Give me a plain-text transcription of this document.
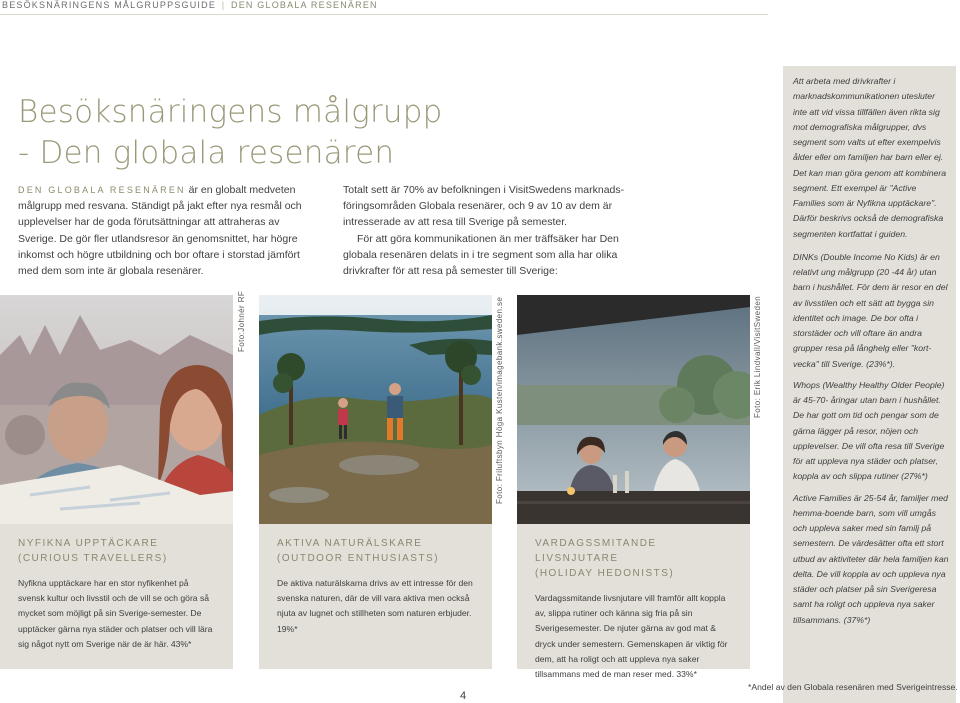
BESÖKSNÄRINGENS MÅLGRUPPSGUIDE | DEN GLOBALA RESENÄREN
Besöksnäringens målgrupp
- Den globala resenären
DEN GLOBALA RESENÄREN är en globalt medveten målgrupp med resvana. Ständigt på jakt efter nya resmål och upplevelser har de goda förutsättningar att attraheras av Sverige. De gör fler utlandsresor än genomsnittet, har högre inkomst och högre utbildning och bor oftare i storstad jämfört med dem som inte är globala resenärer.

Totalt sett är 70% av befolkningen i VisitSwedens marknadsföringsområden Globala resenärer, och 9 av 10 av dem är intresserade av att resa till Sverige på semester.

För att göra kommunikationen än mer träffsäker har Den globala resenären delats in i tre segment som alla har olika drivkrafter för att resa på semester till Sverige:

Foto:Johnér RF	Foto: Friluftsbyn Höga Kusten/imagebank.sweden.se	Foto: Erik Lindvall/VisitSweden
NYFIKNA UPPTÄCKARE
(CURIOUS TRAVELLERS)
Nyfikna upptäckare har en stor nyfikenhet på svensk kultur och livsstil och de vill se och göra så mycket som möjligt på sin Sverige-semester. De upptäcker gärna nya städer och platser och vill lära sig något nytt om Sverige när de är här. 43%*
AKTIVA NATURÄLSKARE
(OUTDOOR ENTHUSIASTS)
De aktiva naturälskarna drivs av ett intresse för den svenska naturen, där de vill vara aktiva men också njuta av lugnet och stillheten som naturen erbjuder. 19%*
VARDAGSSMITANDE LIVSNJUTARE
(HOLIDAY HEDONISTS)
Vardagssmitande livsnjutare vill framför allt koppla av, slippa rutiner och känna sig fria på sin Sverigesemester. De njuter gärna av god mat & dryck under semestern. Gemenskapen är viktig för dem, att ha roligt och att uppleva nya saker tillsammans med de man reser med. 33%*

Att arbeta med drivkrafter i marknadskommunikationen utesluter inte att vid vissa tillfällen även rikta sig mot demografiska målgrupper, dvs segment som valts ut efter exempelvis ålder eller om familjen har barn eller ej. Det kan man göra genom att kombinera segment. Ett exempel är "Active Families som är Nyfikna upptäckare". Därför beskrivs också de demografiska segmenten kortfattat i guiden.

DINKs (Double Income No Kids) är en relativt ung målgrupp (20 -44 år) utan barn i hushållet. För dem är resor en del av livsstilen och ett sätt att bygga sin identitet och image. De bor ofta i storstäder och vill oftare än andra grupper resa på långhelg eller "kort-vecka" till Sverige. (23%*).

Whops (Wealthy Healthy Older People) är 45-70- åringar utan barn i hushållet. De har gott om tid och pengar som de gärna lägger på resor, nöjen och upplevelser. De vill ofta resa till Sverige för att uppleva nya städer och platser, koppla av och slippa rutiner (27%*)

Active Families är 25-54 år, familjer med hemma-boende barn, som vill umgås och uppleva saker med sin familj på semestern. De värdesätter ofta ett stort utbud av aktiviteter där hela familjen kan delta. De vill koppla av och uppleva nya städer och platser på sin Sverigeresa samt ha roligt och uppleva nya saker tillsammans. (37%*)

4
*Andel av den Globala resenären med Sverigeintresse.
